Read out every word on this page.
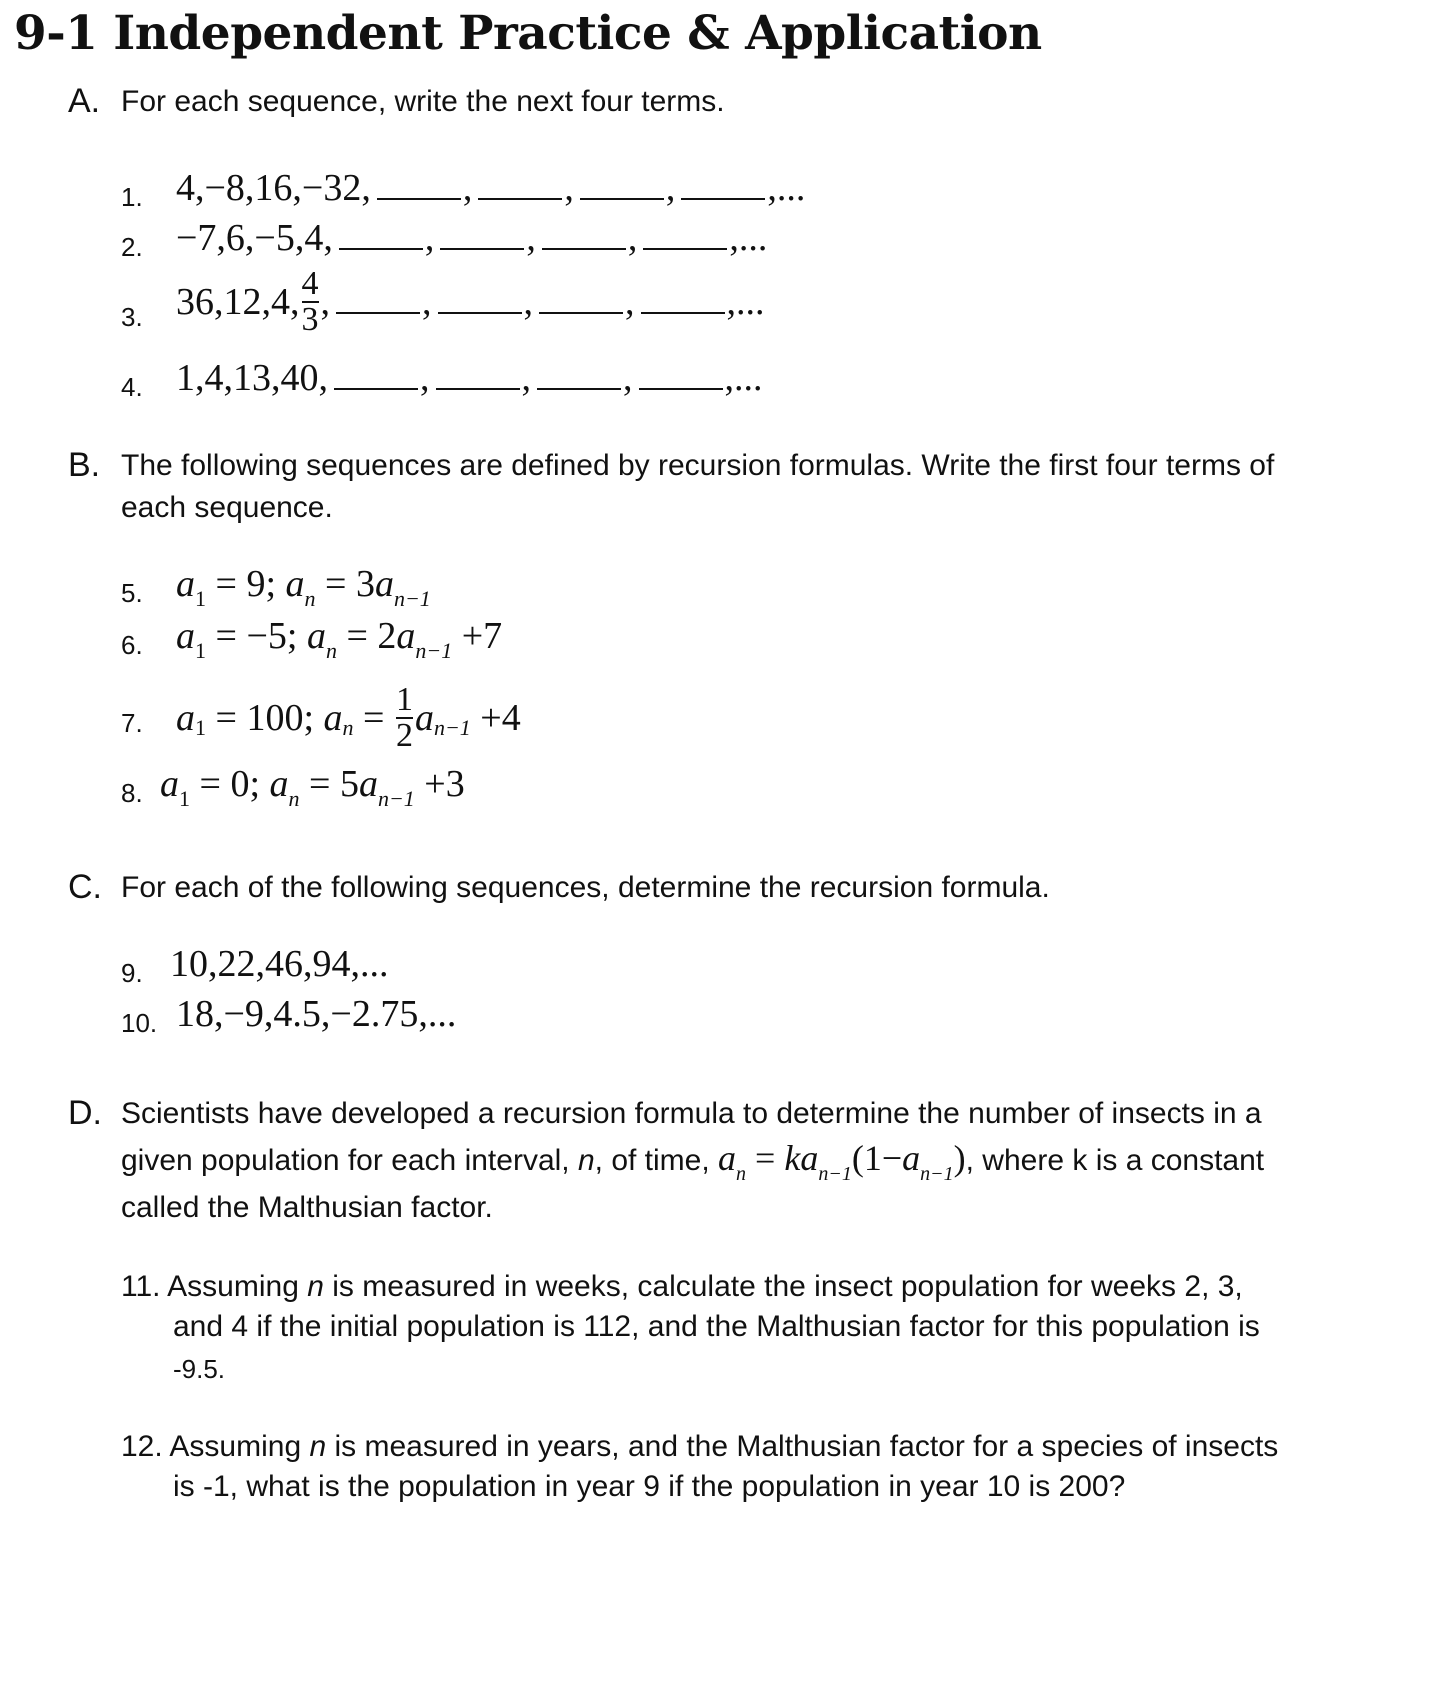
9-1 Independent Practice & Application
A. For each sequence, write the next four terms.
1. 4,−8,16,−32, , , , ,...
2. −7,6,−5,4, , , , ,...
3. 36,12,4, $\frac{4}{3}$ ,	, , ,	,...
4. 1,4,13,40, , , , ,...
B. The following sequences are defined by recursion formulas. Write the first four terms of
each sequence.
5. $a_1 = 9$; $a_n = 3a_{n-1}$
6. $a_1 = -5$; $a_n = 2a_{n-1} +7$
7. a 1 = 100 ; a $n = \frac{1}{2}$ a n−1
+4
8. $a_1 = 0$; $a_n = 5a_{n-1} +3$
C. For each of the following sequences, determine the recursion formula.
9. 10,22,46,94,...
10. 18,−9,4.5,−2.75,...
D. Scientists have developed a recursion formula to determine the number of insects in a
given population for each interval, n, of time, $a_n = ka_{n-1}(1-a_{n-1})$, where k is a constant
called the Malthusian factor.
11. Assuming n is measured in weeks, calculate the insect population for weeks 2, 3,
and 4 if the initial population is 112, and the Malthusian factor for this population is
-9.5.
12. Assuming n is measured in years, and the Malthusian factor for a species of insects
is -1, what is the population in year 9 if the population in year 10 is 200?
